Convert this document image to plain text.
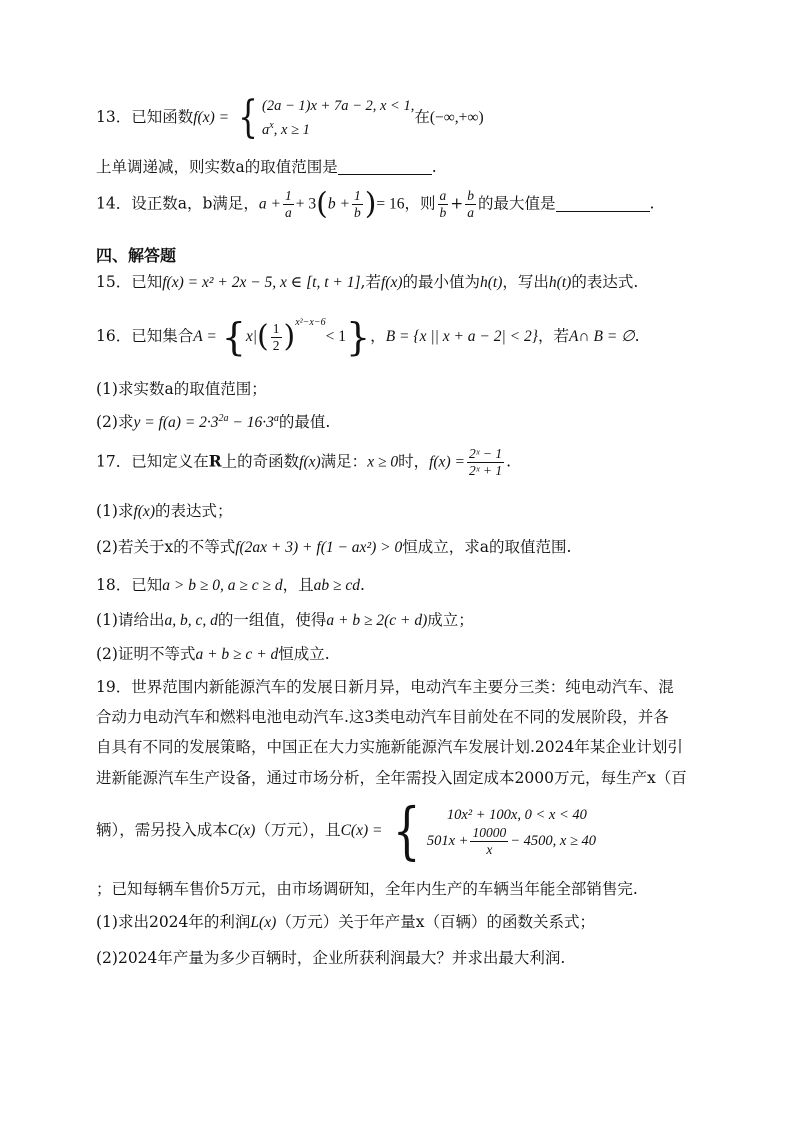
13．已知函数f(x) = { (2a − 1)x + 7a − 2, x < 1,
$a^x$, x ≥ 1
在(−∞,+∞)
上单调递减，则实数a的取值范围是	.
14．设正数a，b满足，$a + \frac{1}{a} + 3(b + \frac{1}{b}$ )= 16，则 $\frac{a}{b} + \frac{b}{a}$ 的最大值是	.
四、解答题
15．已知f(x) = x² + 2x − 5, x ∈ [t, t + 1],若f(x)的最小值为h(t)，写出h(t)的表达式.
16．已知集合$A = \{x|( \frac{1}{2} )^{x^2-x-6}< 1\}$，B = {x || x + a − 2| < 2}，若A∩ B = ∅.
(1)求实数a的取值范围；
(2)求$y = f(a) = 2\cdot 3^{2a} - 16\cdot 3^a$的最值.
17．已知定义在R上的奇函数f(x)满足：x ≥ 0时，$f(x) = \frac{\text{2ˣ − 1}}{\text{2ˣ + 1}}$ .
(1)求f(x)的表达式；
(2)若关于x的不等式f(2ax + 3) + f(1 − ax²) > 0恒成立，求a的取值范围.
18．已知a > b ≥ 0, a ≥ c ≥ d，且ab ≥ cd.
(1)请给出a, b, c, d的一组值，使得a + b ≥ 2(c + d)成立；
(2)证明不等式a + b ≥ c + d恒成立.
19．世界范围内新能源汽车的发展日新月异，电动汽车主要分三类：纯电动汽车、混
合动力电动汽车和燃料电池电动汽车.这3类电动汽车目前处在不同的发展阶段，并各
自具有不同的发展策略，中国正在大力实施新能源汽车发展计划.2024年某企业计划引
进新能源汽车生产设备，通过市场分析，全年需投入固定成本2000万元，每生产x（百
辆），需另投入成本C(x)（万元），且C(x) = {	10x² + 100x, 0 < x < 40
$501x + \frac{10000}{x} - 4500$, x ≥ 40
；已知每辆车售价5万元，由市场调研知，全年内生产的车辆当年能全部销售完.
(1)求出2024年的利润L(x)（万元）关于年产量x（百辆）的函数关系式；
(2)2024年产量为多少百辆时，企业所获利润最大？并求出最大利润.
